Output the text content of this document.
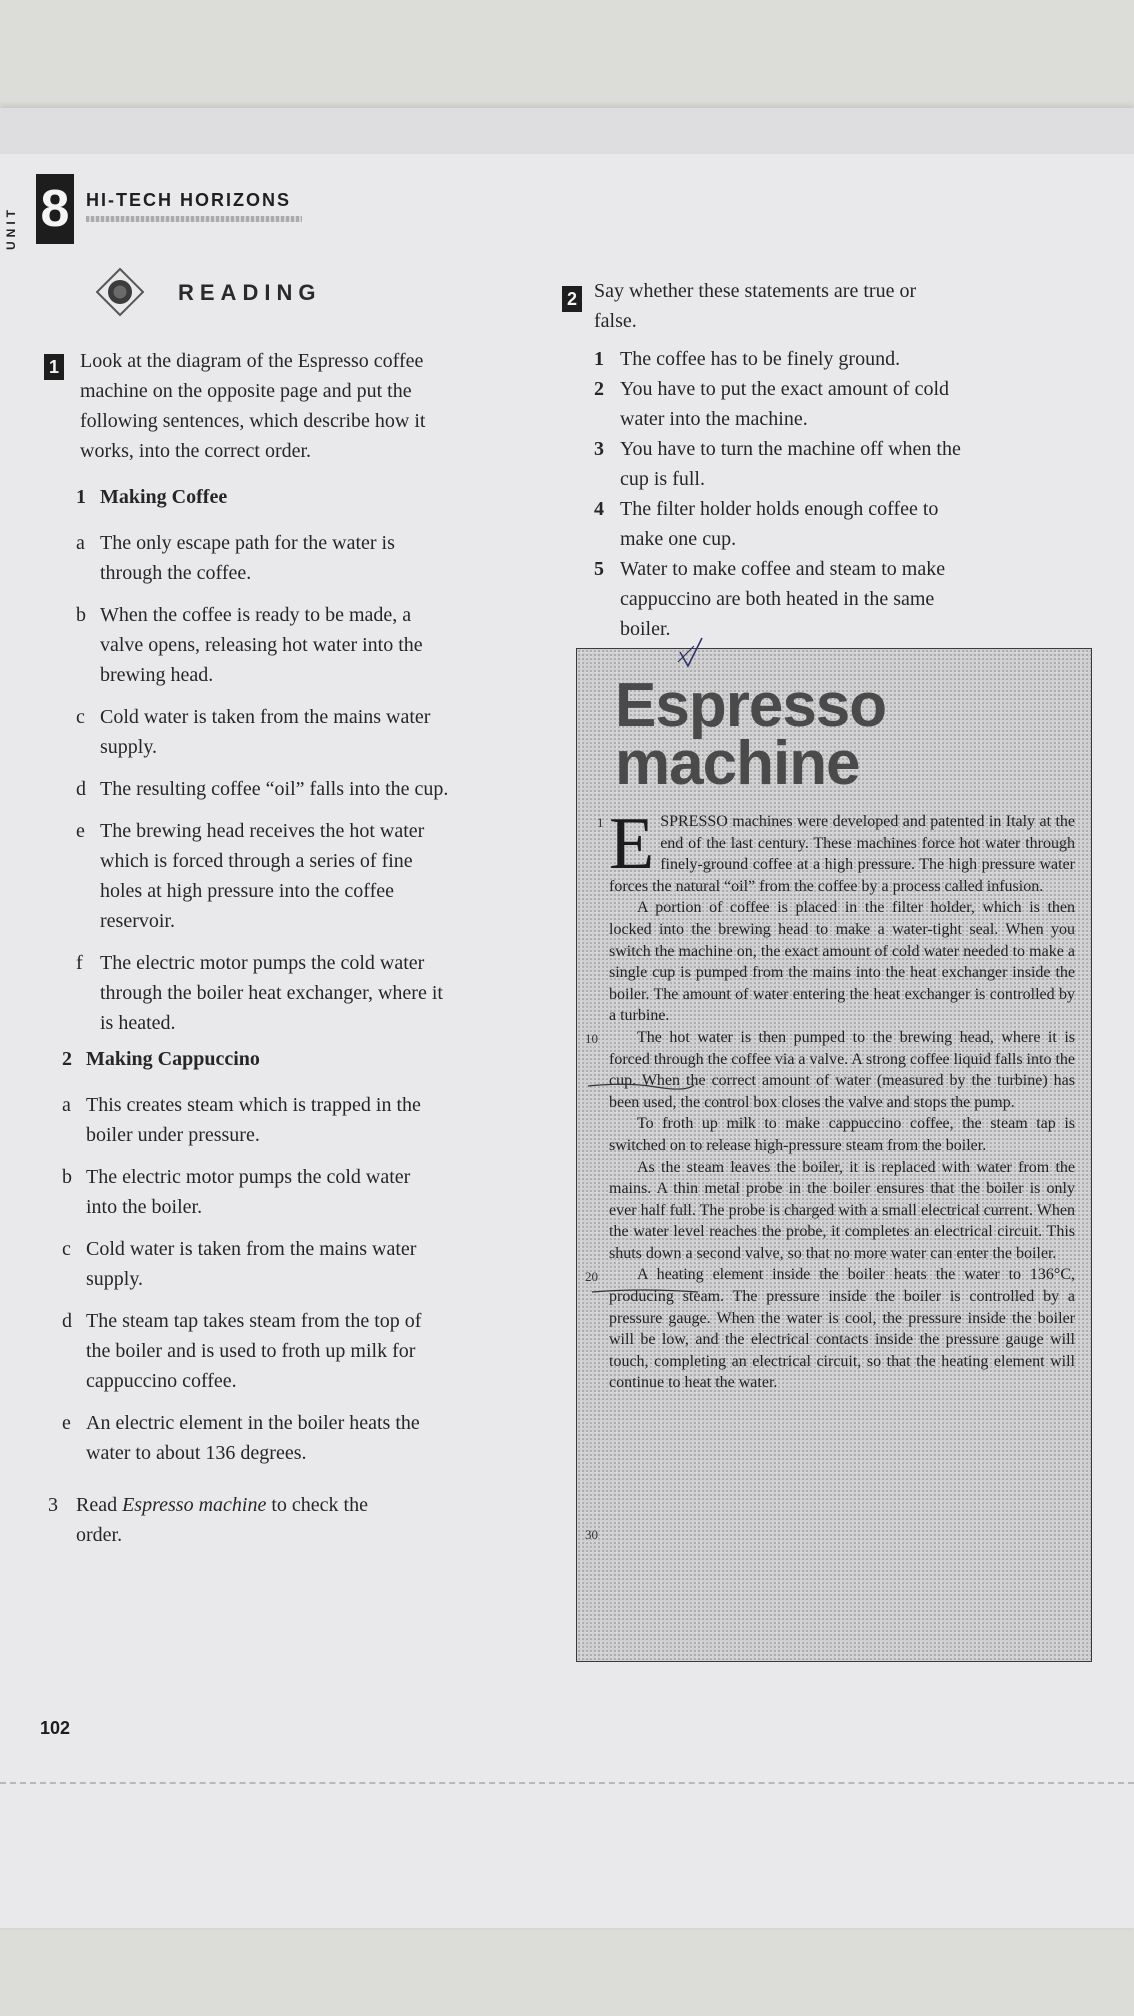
UNIT 8 HI-TECH HORIZONS
READING
1 Look at the diagram of the Espresso coffee
machine on the opposite page and put the
following sentences, which describe how it
works, into the correct order.
1 Making Coffee
a The only escape path for the water is
through the coffee.
b When the coffee is ready to be made, a
valve opens, releasing hot water into the
brewing head.
c Cold water is taken from the mains water
supply.
d The resulting coffee “oil” falls into the cup.
e The brewing head receives the hot water
which is forced through a series of fine
holes at high pressure into the coffee
reservoir.
f The electric motor pumps the cold water
through the boiler heat exchanger, where it
is heated.
2 Making Cappuccino
a This creates steam which is trapped in the
boiler under pressure.
b The electric motor pumps the cold water
into the boiler.
c Cold water is taken from the mains water
supply.
d The steam tap takes steam from the top of
the boiler and is used to froth up milk for
cappuccino coffee.
e An electric element in the boiler heats the
water to about 136 degrees.
3 Read Espresso machine to check the
order.
2 Say whether these statements are true or
false.
1 The coffee has to be finely ground.
2 You have to put the exact amount of cold
water into the machine.
3 You have to turn the machine off when the
cup is full.
4 The filter holder holds enough coffee to
make one cup.
5 Water to make coffee and steam to make
cappuccino are both heated in the same
boiler.
Espresso
machine

ESPRESSO machines were developed and patented in Italy at the end of the last century. These machines force hot water through finely-ground coffee at a high pressure. The high pressure water forces the natural “oil” from the coffee by a process called infusion.

A portion of coffee is placed in the filter holder, which is then locked into the brewing head to make a water-tight seal. When you switch the machine on, the exact amount of cold water needed to make a single cup is pumped from the mains into the heat exchanger inside the boiler. The amount of water entering the heat exchanger is controlled by a turbine.

The hot water is then pumped to the brewing head, where it is forced through the coffee via a valve. A strong coffee liquid falls into the cup. When the correct amount of water (measured by the turbine) has been used, the control box closes the valve and stops the pump.

To froth up milk to make cappuccino coffee, the steam tap is switched on to release high-pressure steam from the boiler.

As the steam leaves the boiler, it is replaced with water from the mains. A thin metal probe in the boiler ensures that the boiler is only ever half full. The probe is charged with a small electrical current. When the water level reaches the probe, it completes an electrical circuit. This shuts down a second valve, so that no more water can enter the boiler.

A heating element inside the boiler heats the water to 136°C, producing steam. The pressure inside the boiler is controlled by a pressure gauge. When the water is cool, the pressure inside the boiler will be low, and the electrical contacts inside the pressure gauge will touch, completing an electrical circuit, so that the heating element will continue to heat the water.

1
10
20
30
102
